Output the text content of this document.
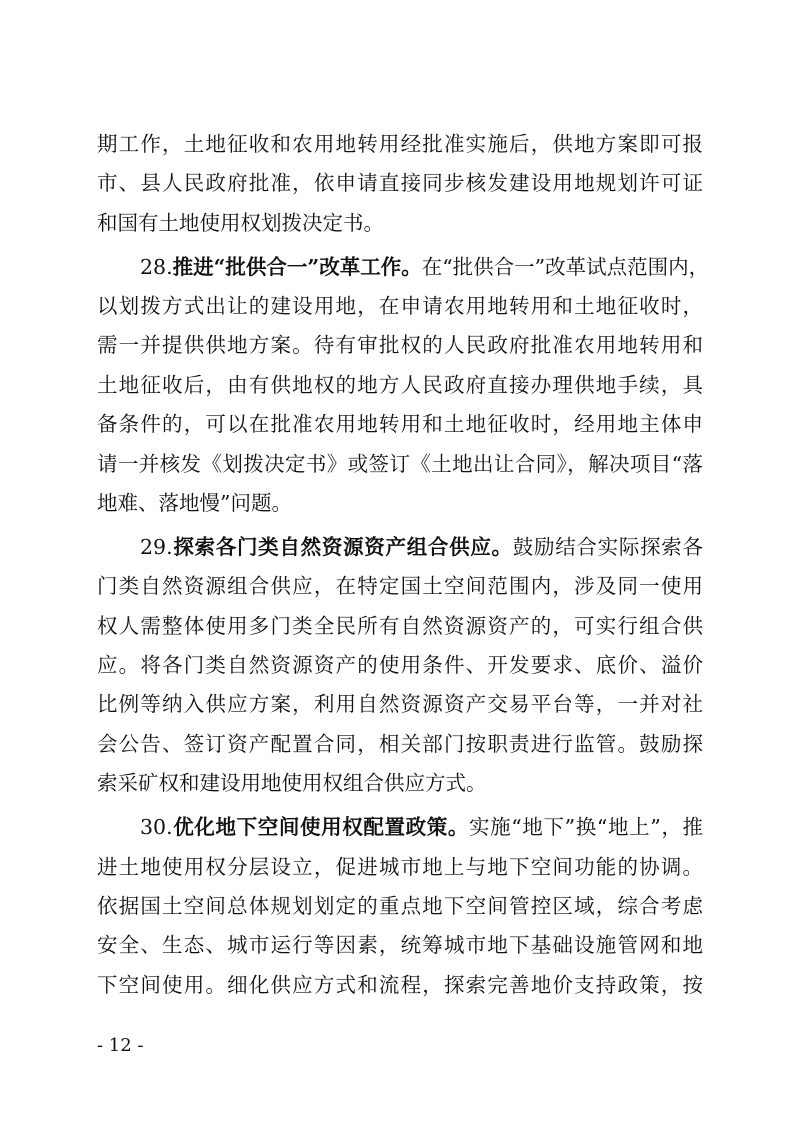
期工作，土地征收和农用地转用经批准实施后，供地方案即可报
市、县人民政府批准，依申请直接同步核发建设用地规划许可证
和国有土地使用权划拨决定书。
28.推进“批供合一”改革工作。在“批供合一”改革试点范围内，
以划拨方式出让的建设用地，在申请农用地转用和土地征收时，
需一并提供供地方案。待有审批权的人民政府批准农用地转用和
土地征收后，由有供地权的地方人民政府直接办理供地手续，具
备条件的，可以在批准农用地转用和土地征收时，经用地主体申
请一并核发《划拨决定书》或签订《土地出让合同》，解决项目“落
地难、落地慢”问题。
29.探索各门类自然资源资产组合供应。鼓励结合实际探索各
门类自然资源组合供应，在特定国土空间范围内，涉及同一使用
权人需整体使用多门类全民所有自然资源资产的，可实行组合供
应。将各门类自然资源资产的使用条件、开发要求、底价、溢价
比例等纳入供应方案，利用自然资源资产交易平台等，一并对社
会公告、签订资产配置合同，相关部门按职责进行监管。鼓励探
索采矿权和建设用地使用权组合供应方式。
30.优化地下空间使用权配置政策。实施“地下”换“地上”，推
进土地使用权分层设立，促进城市地上与地下空间功能的协调。
依据国土空间总体规划划定的重点地下空间管控区域，综合考虑
安全、生态、城市运行等因素，统筹城市地下基础设施管网和地
下空间使用。细化供应方式和流程，探索完善地价支持政策，按
- 12 -
